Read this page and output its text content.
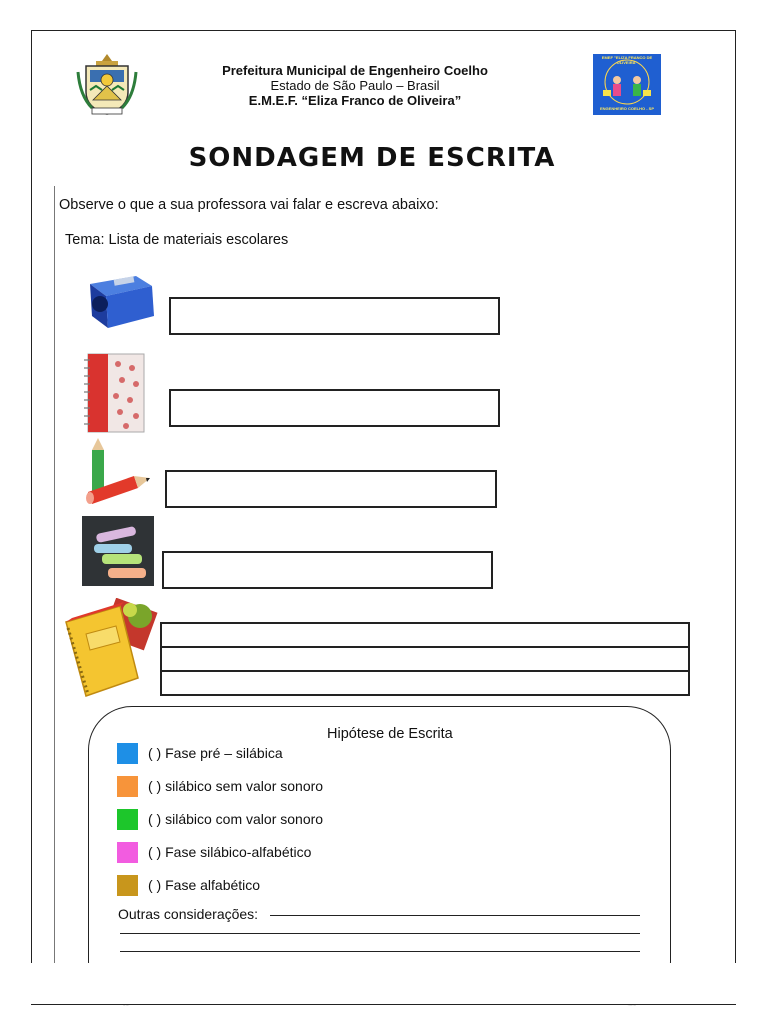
Prefeitura Municipal de Engenheiro Coelho
Estado de São Paulo – Brasil
E.M.E.F. “Eliza Franco de Oliveira”
ENGENHEIRO COELHO - SP
EMEF "ELIZA FRANCO DE OLIVEIRA"
SONDAGEM DE ESCRITA
Observe o que a sua professora vai falar e escreva abaixo:
Tema: Lista de materiais escolares
Hipótese de Escrita
( ) Fase pré – silábica
( ) silábico sem valor sonoro
( ) silábico com valor sonoro
( ) Fase silábico-alfabético
( ) Fase alfabético
Outras considerações:
